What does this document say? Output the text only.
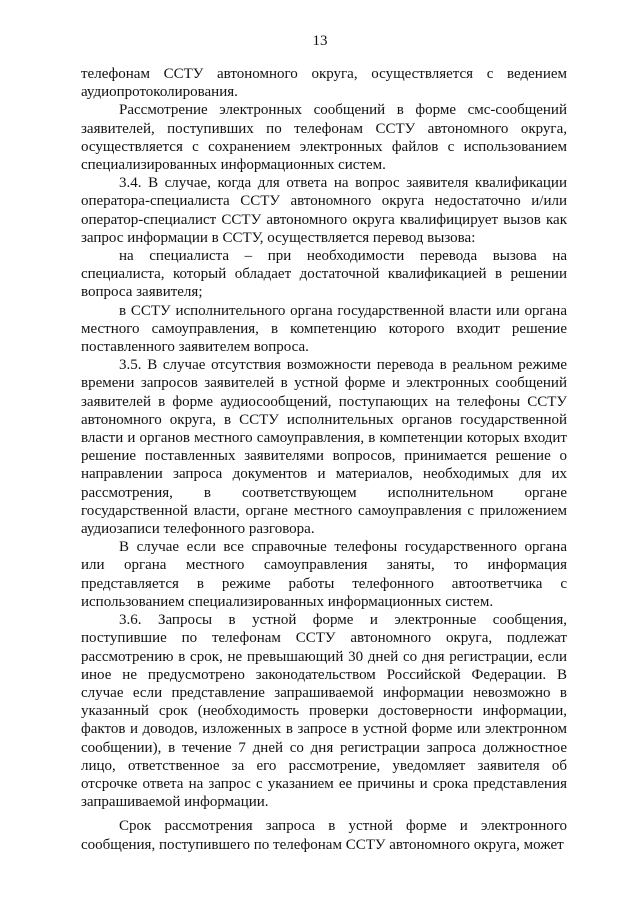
13

телефонам ССТУ автономного округа, осуществляется с ведением аудиопротоколирования.

Рассмотрение электронных сообщений в форме смс-сообщений заявителей, поступивших по телефонам ССТУ автономного округа, осуществляется с сохранением электронных файлов с использованием специализированных информационных систем.

3.4. В случае, когда для ответа на вопрос заявителя квалификации оператора-специалиста ССТУ автономного округа недостаточно и/или оператор-специалист ССТУ автономного округа квалифицирует вызов как запрос информации в ССТУ, осуществляется перевод вызова:

на специалиста – при необходимости перевода вызова на специалиста, который обладает достаточной квалификацией в решении вопроса заявителя;

в ССТУ исполнительного органа государственной власти или органа местного самоуправления, в компетенцию которого входит решение поставленного заявителем вопроса.

3.5. В случае отсутствия возможности перевода в реальном режиме времени запросов заявителей в устной форме и электронных сообщений заявителей в форме аудиосообщений, поступающих на телефоны ССТУ автономного округа, в ССТУ исполнительных органов государственной власти и органов местного самоуправления, в компетенции которых входит решение поставленных заявителями вопросов, принимается решение о направлении запроса документов и материалов, необходимых для их рассмотрения, в соответствующем исполнительном органе государственной власти, органе местного самоуправления с приложением аудиозаписи телефонного разговора.

В случае если все справочные телефоны государственного органа или органа местного самоуправления заняты, то информация представляется в режиме работы телефонного автоответчика с использованием специализированных информационных систем.

3.6. Запросы в устной форме и электронные сообщения, поступившие по телефонам ССТУ автономного округа, подлежат рассмотрению в срок, не превышающий 30 дней со дня регистрации, если иное не предусмотрено законодательством Российской Федерации. В случае если представление запрашиваемой информации невозможно в указанный срок (необходимость проверки достоверности информации, фактов и доводов, изложенных в запросе в устной форме или электронном сообщении), в течение 7 дней со дня регистрации запроса должностное лицо, ответственное за его рассмотрение, уведомляет заявителя об отсрочке ответа на запрос с указанием ее причины и срока представления запрашиваемой информации.

Срок рассмотрения запроса в устной форме и электронного сообщения, поступившего по телефонам ССТУ автономного округа, может
